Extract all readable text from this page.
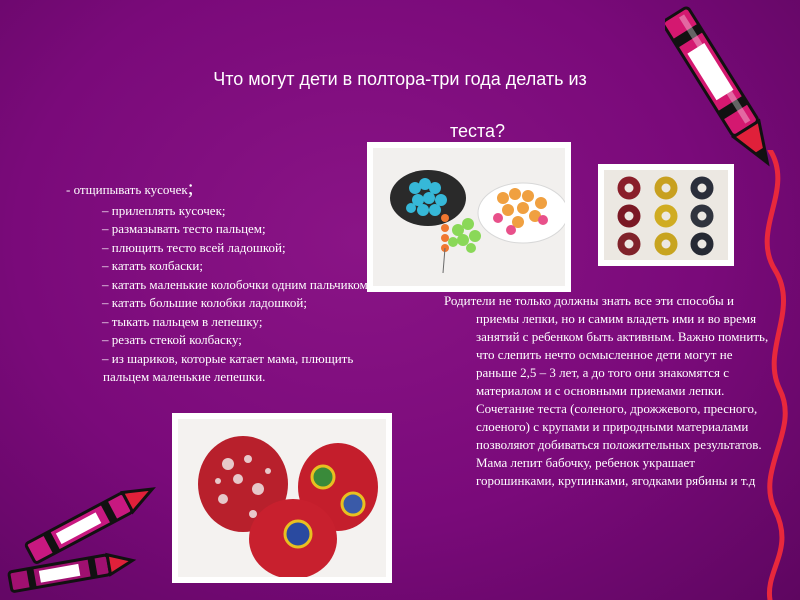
Что могут дети в полтора-три года делать из
теста?
- отщипывать кусочек;
– прилеплять кусочек;
– размазывать тесто пальцем;
– плющить тесто всей ладошкой;
– катать колбаски;
– катать маленькие колобочки одним пальчиком;
– катать большие колобки ладошкой;
– тыкать пальцем в лепешку;
– резать стекой колбаску;
– из шариков, которые катает мама, плющить пальцем маленькие лепешки.
Родители не только должны знать все эти способы и приемы лепки, но и самим владеть ими и во время занятий с ребенком быть активным. Важно помнить, что слепить нечто осмысленное дети могут не раньше 2,5 – 3 лет, а до того они знакомятся с материалом и с основными приемами лепки. Сочетание теста (соленого, дрожжевого, пресного, слоеного) с крупами и природными материалами позволяют добиваться положительных результатов. Мама лепит бабочку, ребенок украшает горошинками, крупинками, ягодками рябины и т.д
